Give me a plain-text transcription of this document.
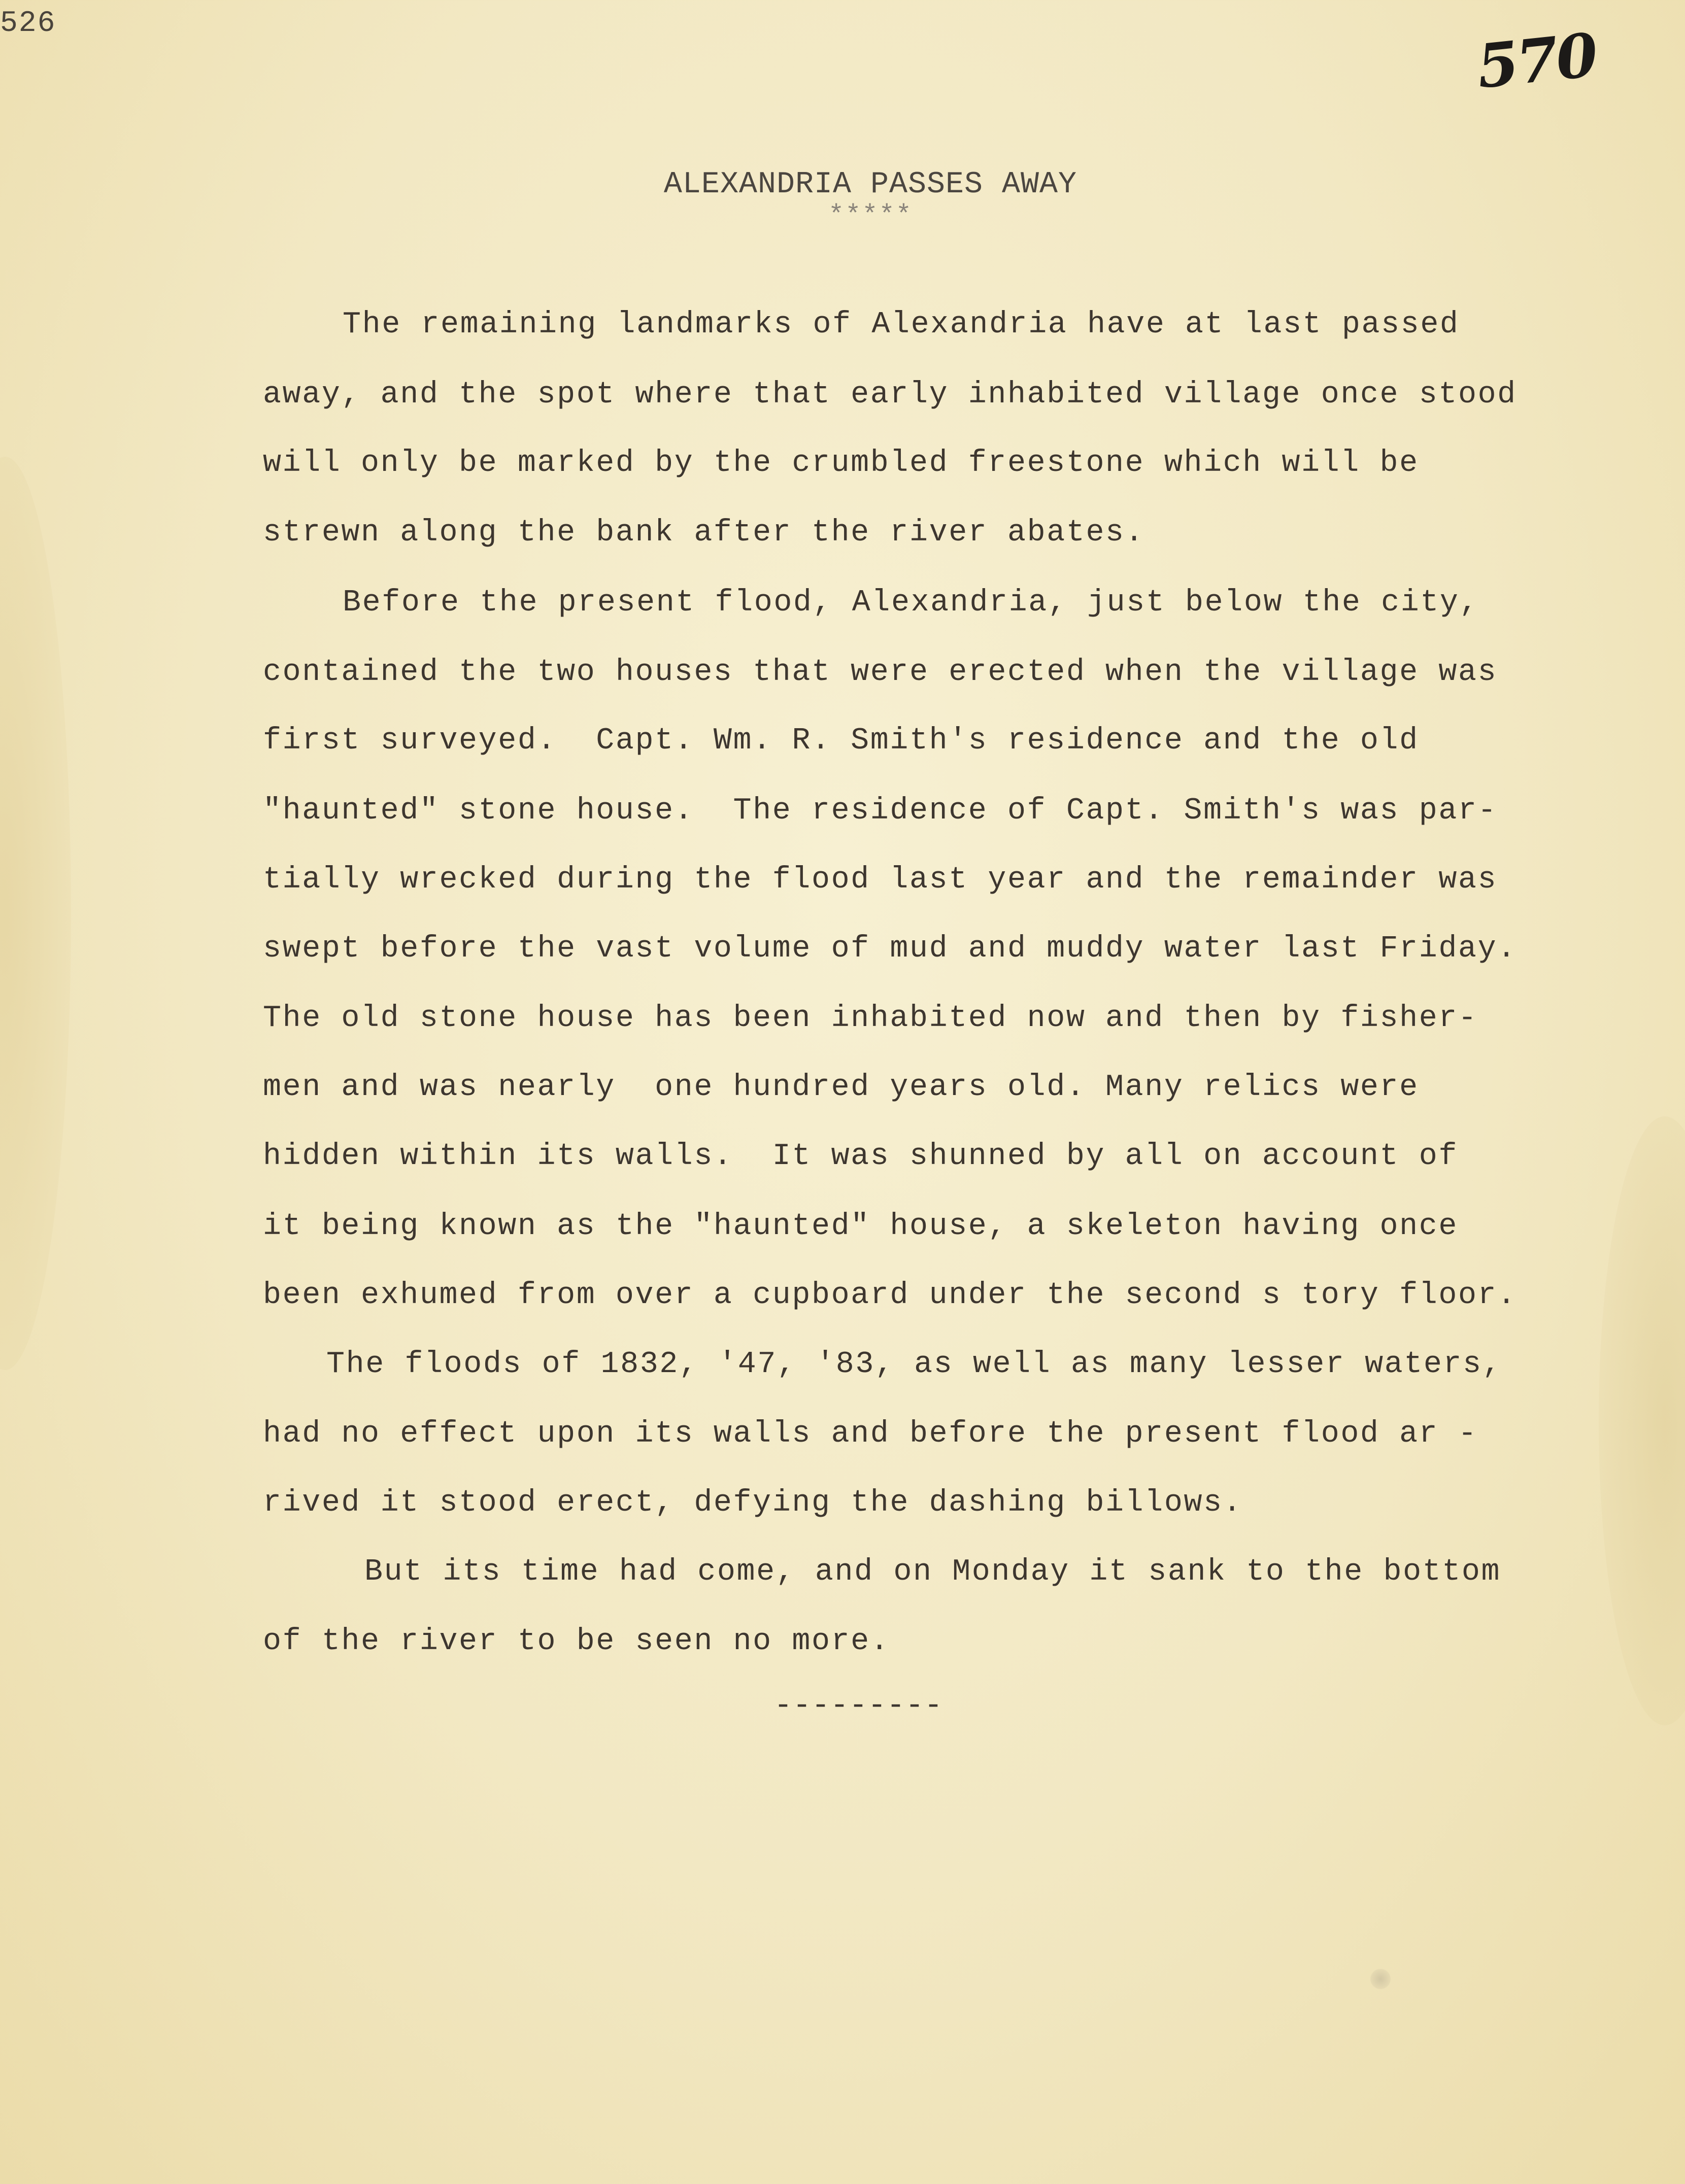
526	570
ALEXANDRIA PASSES AWAY
*****
The remaining landmarks of Alexandria have at last passed
away, and the spot where that early inhabited village once stood
will only be marked by the crumbled freestone which will be
strewn along the bank after the river abates.
Before the present flood, Alexandria, just below the city,
contained the two houses that were erected when the village was
first surveyed.  Capt. Wm. R. Smith's residence and the old
"haunted" stone house.  The residence of Capt. Smith's was par-
tially wrecked during the flood last year and the remainder was
swept before the vast volume of mud and muddy water last Friday.
The old stone house has been inhabited now and then by fisher-
men and was nearly  one hundred years old. Many relics were
hidden within its walls.  It was shunned by all on account of
it being known as the "haunted" house, a skeleton having once
been exhumed from over a cupboard under the second s tory floor.
The floods of 1832, '47, '83, as well as many lesser waters,
had no effect upon its walls and before the present flood ar -
rived it stood erect, defying the dashing billows.
But its time had come, and on Monday it sank to the bottom
of the river to be seen no more.
---------
